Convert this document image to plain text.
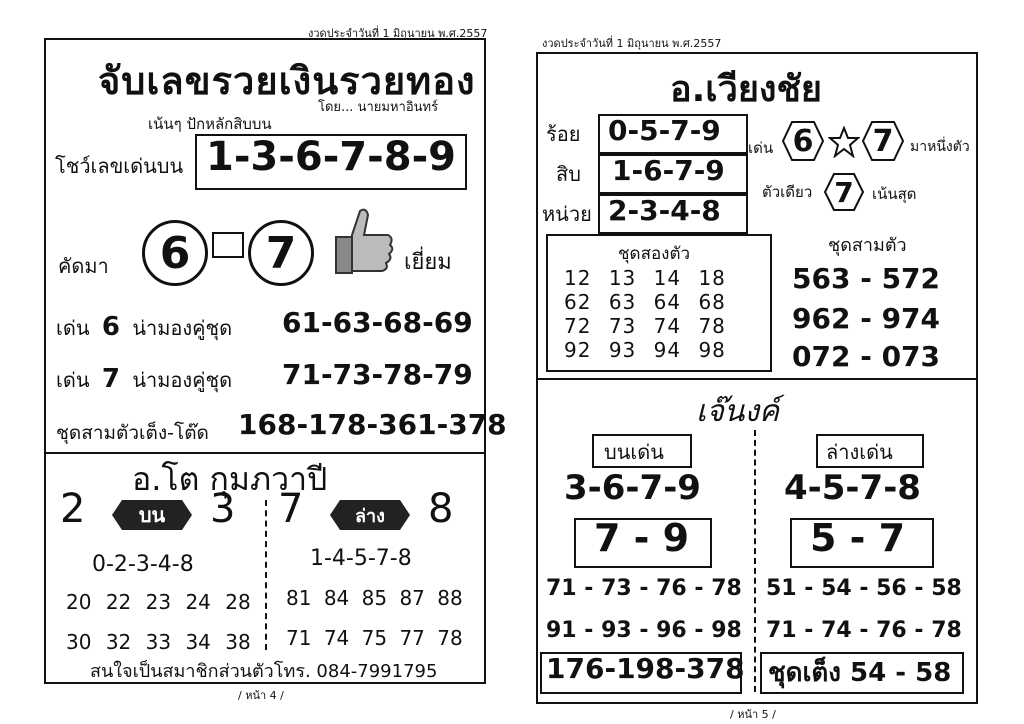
งวดประจำวันที่ 1 มิถุนายน พ.ศ.2557
จับเลขรวยเงินรวยทอง
โดย... นายมหาอินทร์
เน้นๆ ปักหลักสิบบน
โชว์เลขเด่นบน 1-3-6-7-8-9
คัดมา	6	7	เยี่ยม
เด่น 6 น่ามองคู่ชุด 61-63-68-69
เด่น 7 น่ามองคู่ชุด 71-73-78-79
ชุดสามตัวเต็ง-โต๊ด 168-178-361-378
อ.โต กุมภวาปี
2	บน 3 7	ล่าง 8
0-2-3-4-8	1-4-5-7-8
20 22 23 24 28 81 84 85 87 88
30 32 33 34 38 71 74 75 77 78
สนใจเป็นสมาชิกส่วนตัวโทร. 084-7991795
/ หน้า 4 /
งวดประจำวันที่ 1 มิถุนายน พ.ศ.2557
อ.เวียงชัย
ร้อย 0-5-7-9
สิบ 1-6-7-9
หน่วย 2-3-4-8
เด่น 6 7 มาหนึ่งตัว
ตัวเดียว 7 เน้นสุด
ชุดสองตัว
12 13 14 18
62 63 64 68
72 73 74 78
92 93 94 98
ชุดสามตัว
563 - 572
962 - 974
072 - 073
เจ๊นงค์
บนเด่น
3-6-7-9
7 - 9
71 - 73 - 76 - 78
91 - 93 - 96 - 98
176-198-378
ล่างเด่น
4-5-7-8
5 - 7
51 - 54 - 56 - 58
71 - 74 - 76 - 78
ชุดเต็ง 54 - 58
/ หน้า 5 /
